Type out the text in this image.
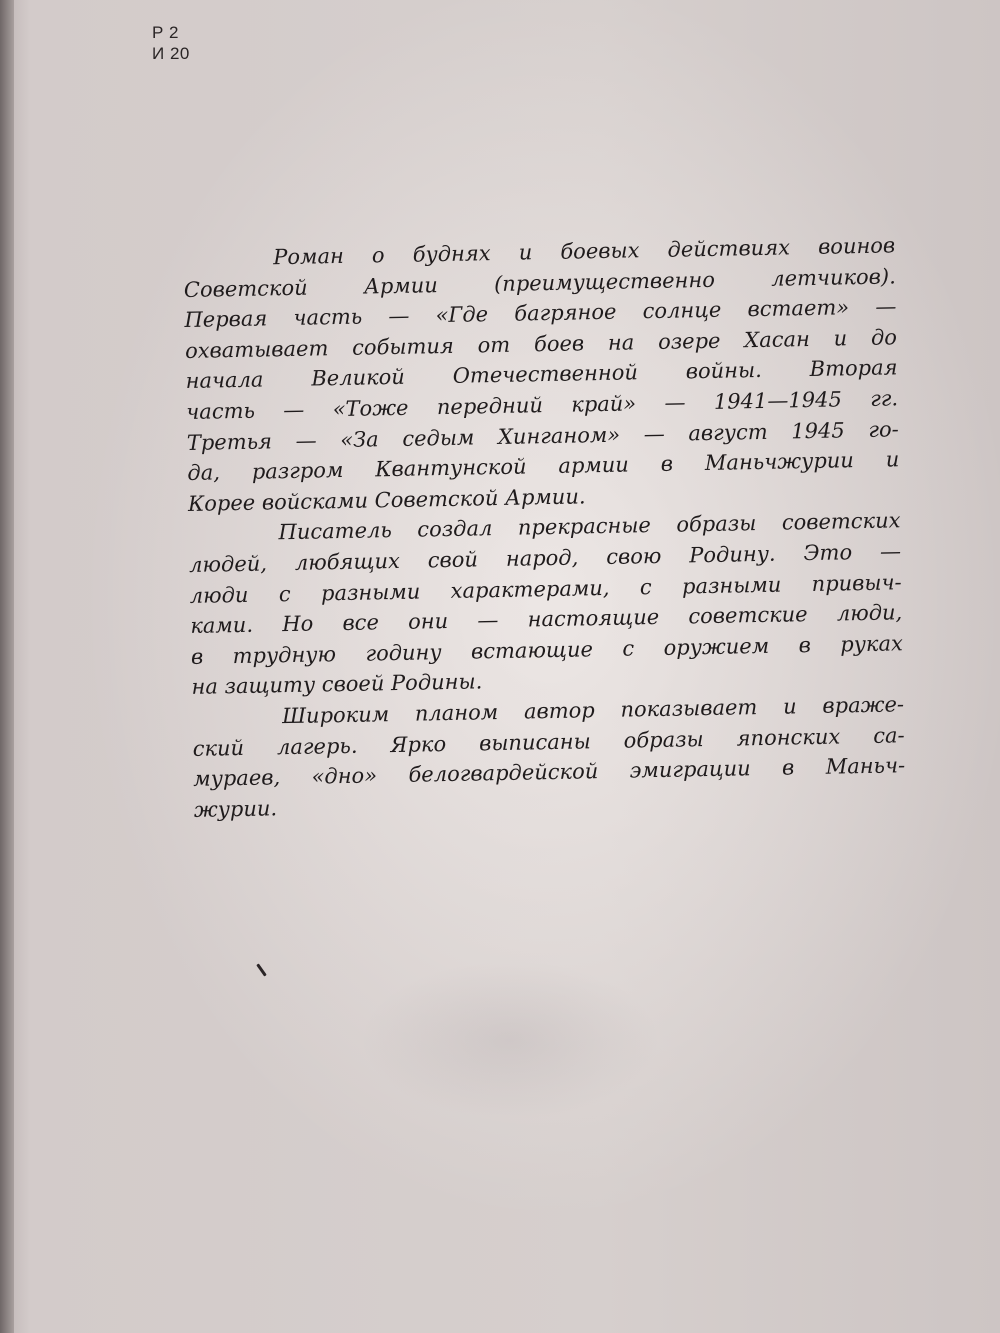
Р 2
И 20

Роман о буднях и боевых действиях воинов
Советской Армии (преимущественно летчиков).
Первая часть — «Где багряное солнце встает» —
охватывает события от боев на озере Хасан и до
начала Великой Отечественной войны. Вторая
часть — «Тоже передний край» — 1941—1945 гг.
Третья — «За седым Хинганом» — август 1945 го-
да, разгром Квантунской армии в Маньчжурии и
Корее войсками Советской Армии.

Писатель создал прекрасные образы советских
людей, любящих свой народ, свою Родину. Это —
люди с разными характерами, с разными привыч-
ками. Но все они — настоящие советские люди,
в трудную годину встающие с оружием в руках
на защиту своей Родины.

Широким планом автор показывает и враже-
ский лагерь. Ярко выписаны образы японских са-
мураев, «дно» белогвардейской эмиграции в Маньч-
журии.
